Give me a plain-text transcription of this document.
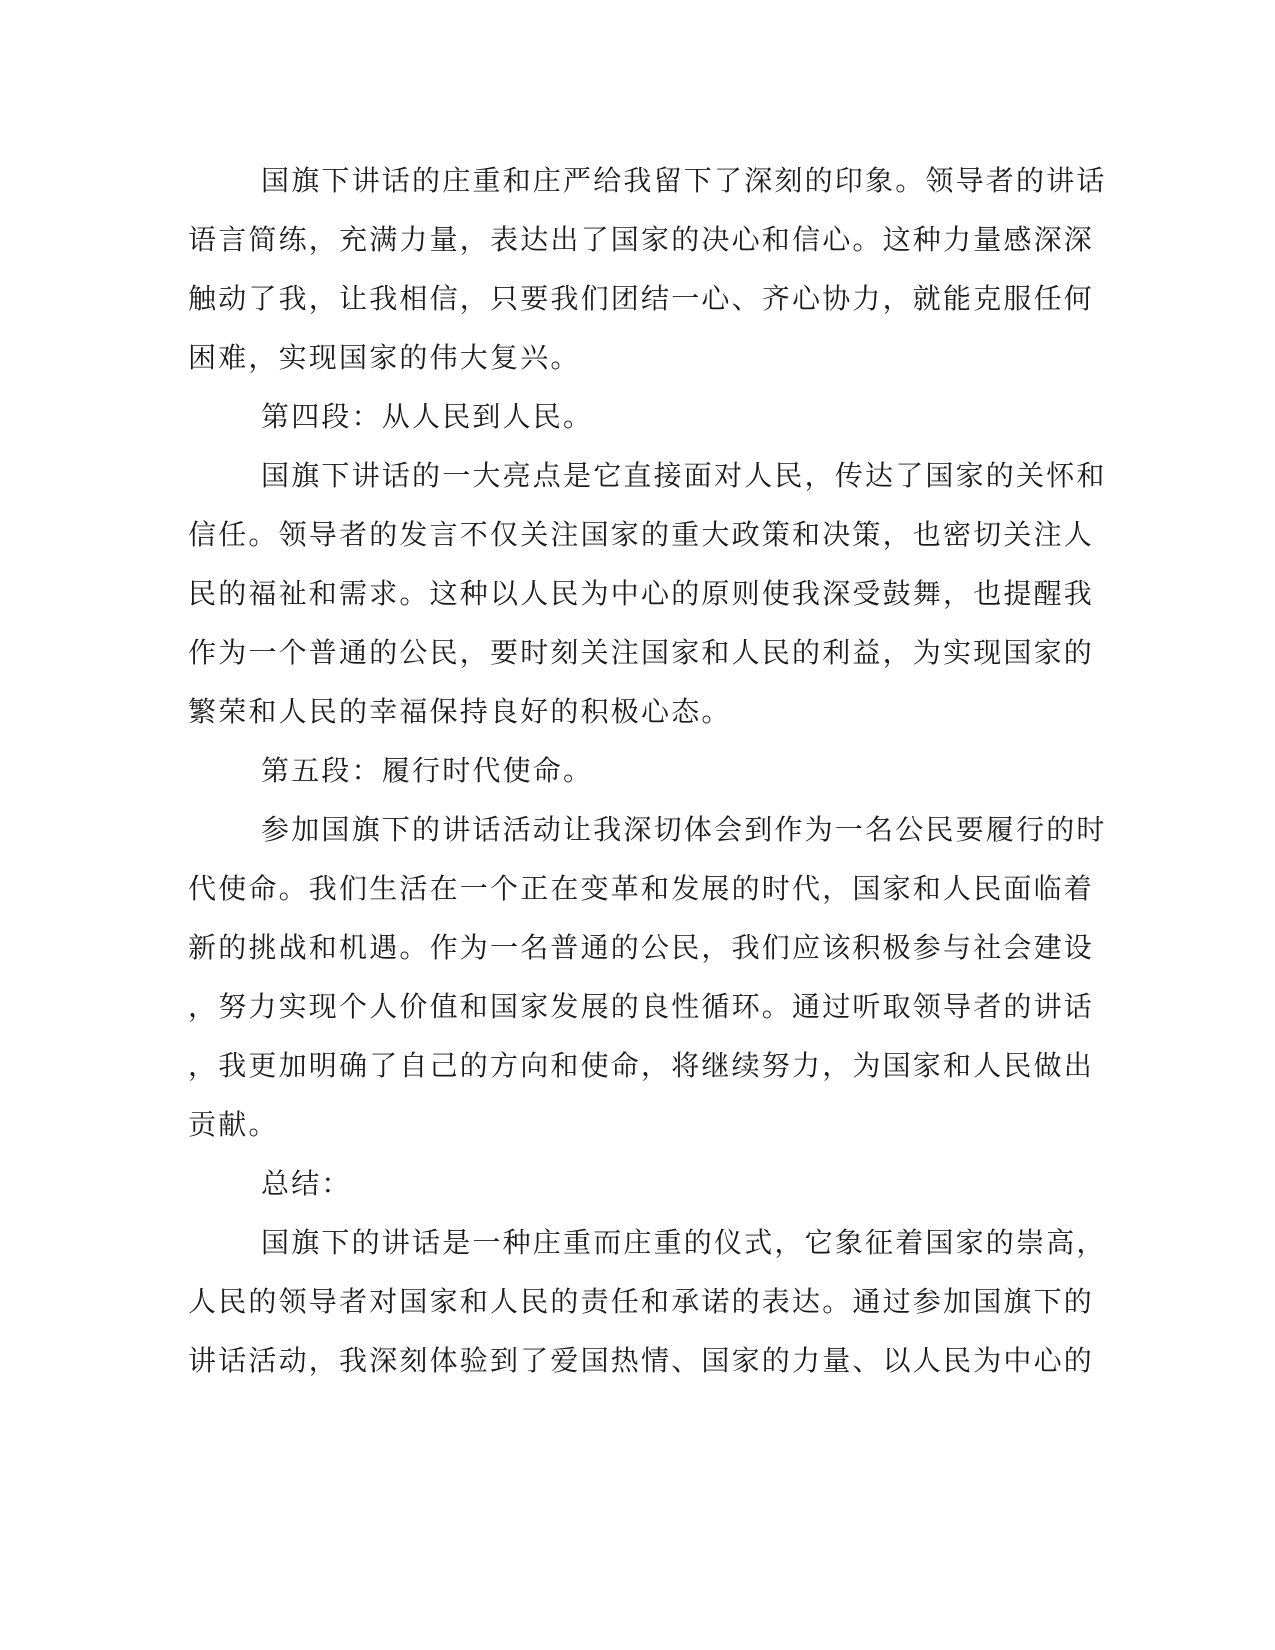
国旗下讲话的庄重和庄严给我留下了深刻的印象。领导者的讲话

语言简练，充满力量，表达出了国家的决心和信心。这种力量感深深

触动了我，让我相信，只要我们团结一心、齐心协力，就能克服任何

困难，实现国家的伟大复兴。

第四段：从人民到人民。

国旗下讲话的一大亮点是它直接面对人民，传达了国家的关怀和

信任。领导者的发言不仅关注国家的重大政策和决策，也密切关注人

民的福祉和需求。这种以人民为中心的原则使我深受鼓舞，也提醒我

作为一个普通的公民，要时刻关注国家和人民的利益，为实现国家的

繁荣和人民的幸福保持良好的积极心态。

第五段：履行时代使命。

参加国旗下的讲话活动让我深切体会到作为一名公民要履行的时

代使命。我们生活在一个正在变革和发展的时代，国家和人民面临着

新的挑战和机遇。作为一名普通的公民，我们应该积极参与社会建设

，努力实现个人价值和国家发展的良性循环。通过听取领导者的讲话

，我更加明确了自己的方向和使命，将继续努力，为国家和人民做出

贡献。

总结：

国旗下的讲话是一种庄重而庄重的仪式，它象征着国家的崇高，

人民的领导者对国家和人民的责任和承诺的表达。通过参加国旗下的

讲话活动，我深刻体验到了爱国热情、国家的力量、以人民为中心的
